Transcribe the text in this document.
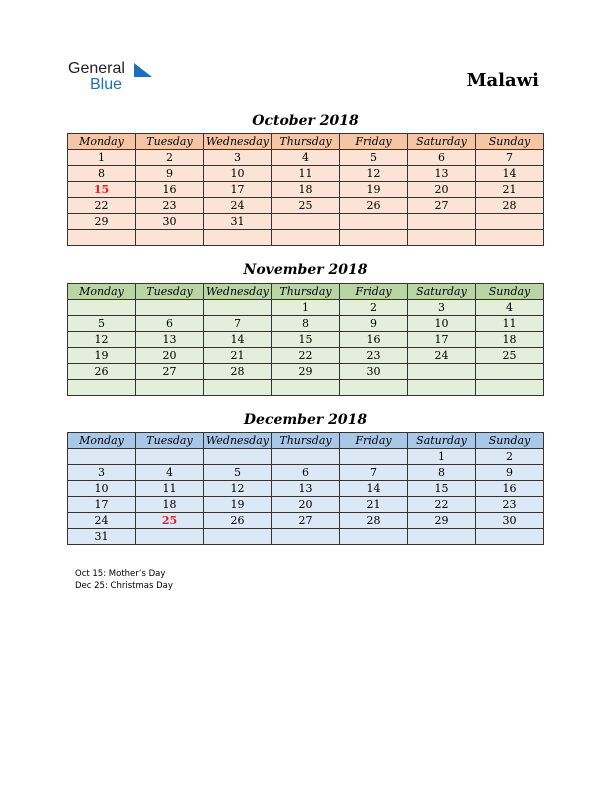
General
Blue	Malawi
October 2018
Monday	Tuesday	Wednesday	Thursday	Friday	Saturday	Sunday
1	2	3	4	5	6	7
8	9	10	11	12	13	14
15	16	17	18	19	20	21
22	23	24	25	26	27	28
29	30	31				

November 2018
Monday	Tuesday	Wednesday	Thursday	Friday	Saturday	Sunday
			1	2	3	4
5	6	7	8	9	10	11
12	13	14	15	16	17	18
19	20	21	22	23	24	25
26	27	28	29	30		

December 2018
Monday	Tuesday	Wednesday	Thursday	Friday	Saturday	Sunday
					1	2
3	4	5	6	7	8	9
10	11	12	13	14	15	16
17	18	19	20	21	22	23
24	25	26	27	28	29	30
31						
Oct 15: Mother’s Day
Dec 25: Christmas Day
